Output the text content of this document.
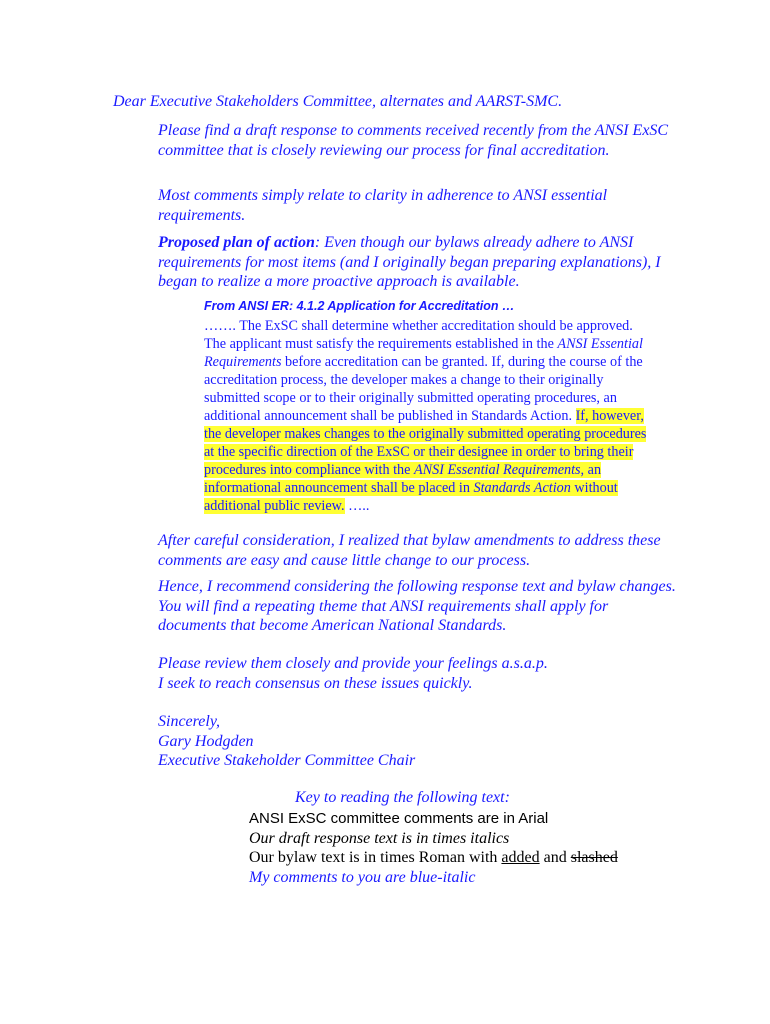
Dear Executive Stakeholders Committee, alternates and AARST-SMC.
Please find a draft response to comments received recently from the ANSI ExSC committee that is closely reviewing our process for final accreditation.
Most comments simply relate to clarity in adherence to ANSI essential requirements.
Proposed plan of action: Even though our bylaws already adhere to ANSI requirements for most items (and I originally began preparing explanations), I began to realize a more proactive approach is available.
From ANSI ER: 4.1.2 Application for Accreditation …
……. The ExSC shall determine whether accreditation should be approved. The applicant must satisfy the requirements established in the ANSI Essential Requirements before accreditation can be granted. If, during the course of the accreditation process, the developer makes a change to their originally submitted scope or to their originally submitted operating procedures, an additional announcement shall be published in Standards Action. If, however, the developer makes changes to the originally submitted operating procedures at the specific direction of the ExSC or their designee in order to bring their procedures into compliance with the ANSI Essential Requirements, an informational announcement shall be placed in Standards Action without additional public review. …..
After careful consideration, I realized that bylaw amendments to address these comments are easy and cause little change to our process.
Hence, I recommend considering the following response text and bylaw changes. You will find a repeating theme that ANSI requirements shall apply for documents that become American National Standards.
Please review them closely and provide your feelings a.s.a.p.
I seek to reach consensus on these issues quickly.
Sincerely,
Gary Hodgden
Executive Stakeholder Committee Chair
Key to reading the following text:
ANSI ExSC committee comments are in Arial
Our draft response text is in times italics
Our bylaw text is in times Roman with added and slashed
My comments to you are blue-italic
